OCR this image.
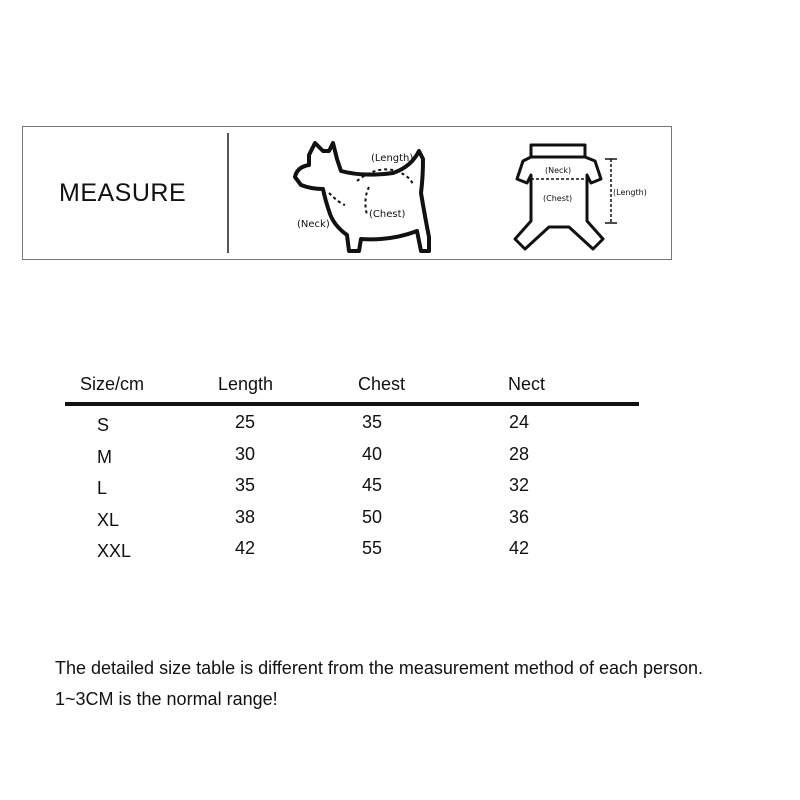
MEASURE
(Length)
(Chest)
(Neck)
(Neck)
(Chest)
(Length)
Size/cm	Length	Chest	Nect
S	25	35	24
M	30	40	28
L	35	45	32
XL	38	50	36
XXL	42	55	42
The detailed size table is different from the measurement method of each person.
1~3CM is the normal range!
